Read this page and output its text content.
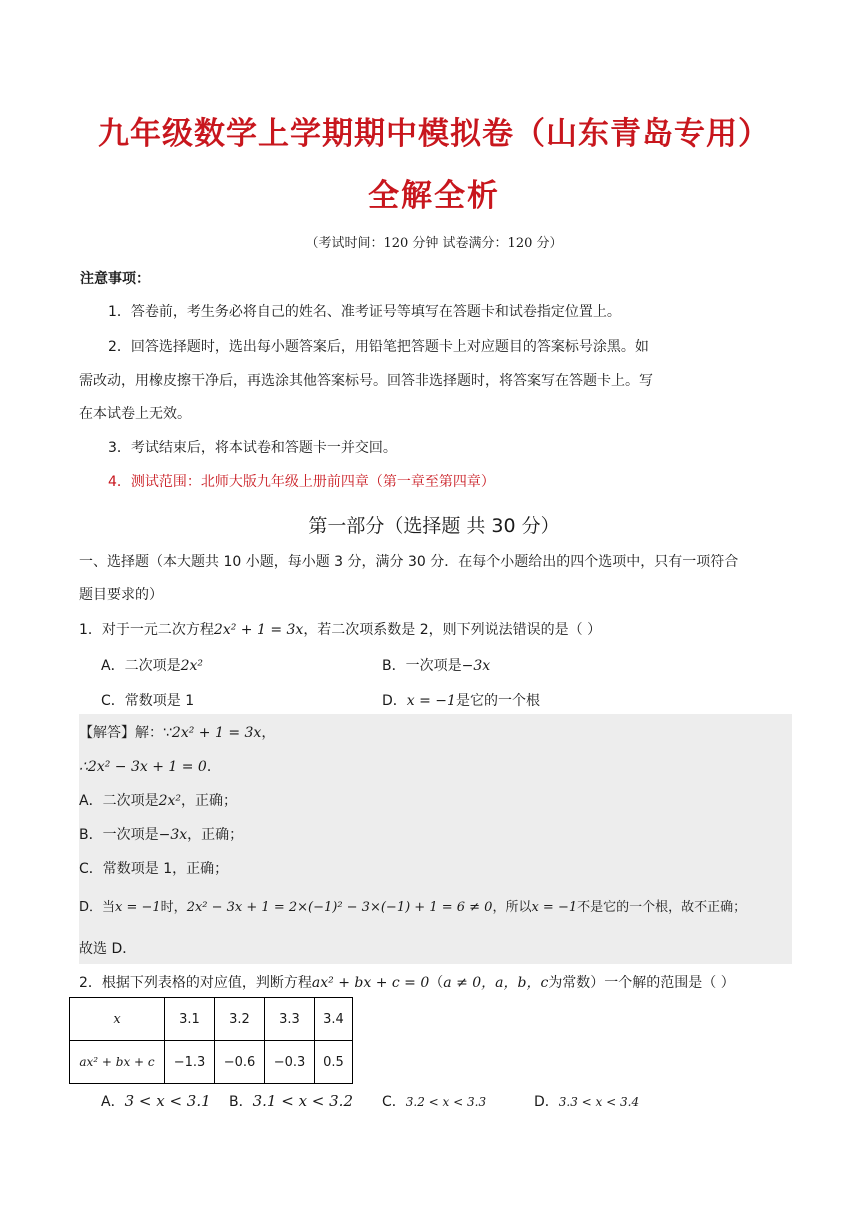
九年级数学上学期期中模拟卷（山东青岛专用）
全解全析
（考试时间：120 分钟 试卷满分：120 分）
注意事项：
1．答卷前，考生务必将自己的姓名、准考证号等填写在答题卡和试卷指定位置上。
2．回答选择题时，选出每小题答案后，用铅笔把答题卡上对应题目的答案标号涂黑。如
需改动，用橡皮擦干净后，再选涂其他答案标号。回答非选择题时，将答案写在答题卡上。写
在本试卷上无效。
3．考试结束后，将本试卷和答题卡一并交回。
4．测试范围：北师大版九年级上册前四章（第一章至第四章）
第一部分（选择题 共 30 分）
一、选择题（本大题共 10 小题，每小题 3 分，满分 30 分．在每个小题给出的四个选项中，只有一项符合
题目要求的）
1．对于一元二次方程2x² + 1 = 3x，若二次项系数是 2，则下列说法错误的是（ ）
A．二次项是2x²	B．一次项是−3x
C．常数项是 1	D．x = −1是它的一个根
【解答】解：∵2x² + 1 = 3x，
∴2x² − 3x + 1 = 0．
A．二次项是2x²，正确；
B．一次项是−3x，正确；
C．常数项是 1，正确；
D．当x = −1时，2x² − 3x + 1 = 2×(−1)² − 3×(−1) + 1 = 6 ≠ 0，所以x = −1不是它的一个根，故不正确；
故选 D．
2．根据下列表格的对应值，判断方程ax² + bx + c = 0（a ≠ 0，a，b，c为常数）一个解的范围是（ ）
x	3.1	3.2	3.3	3.4
ax² + bx + c	−1.3	−0.6	−0.3	0.5
A．3 < x < 3.1 B．3.1 < x < 3.2 C．3.2 < x < 3.3	D．3.3 < x < 3.4
